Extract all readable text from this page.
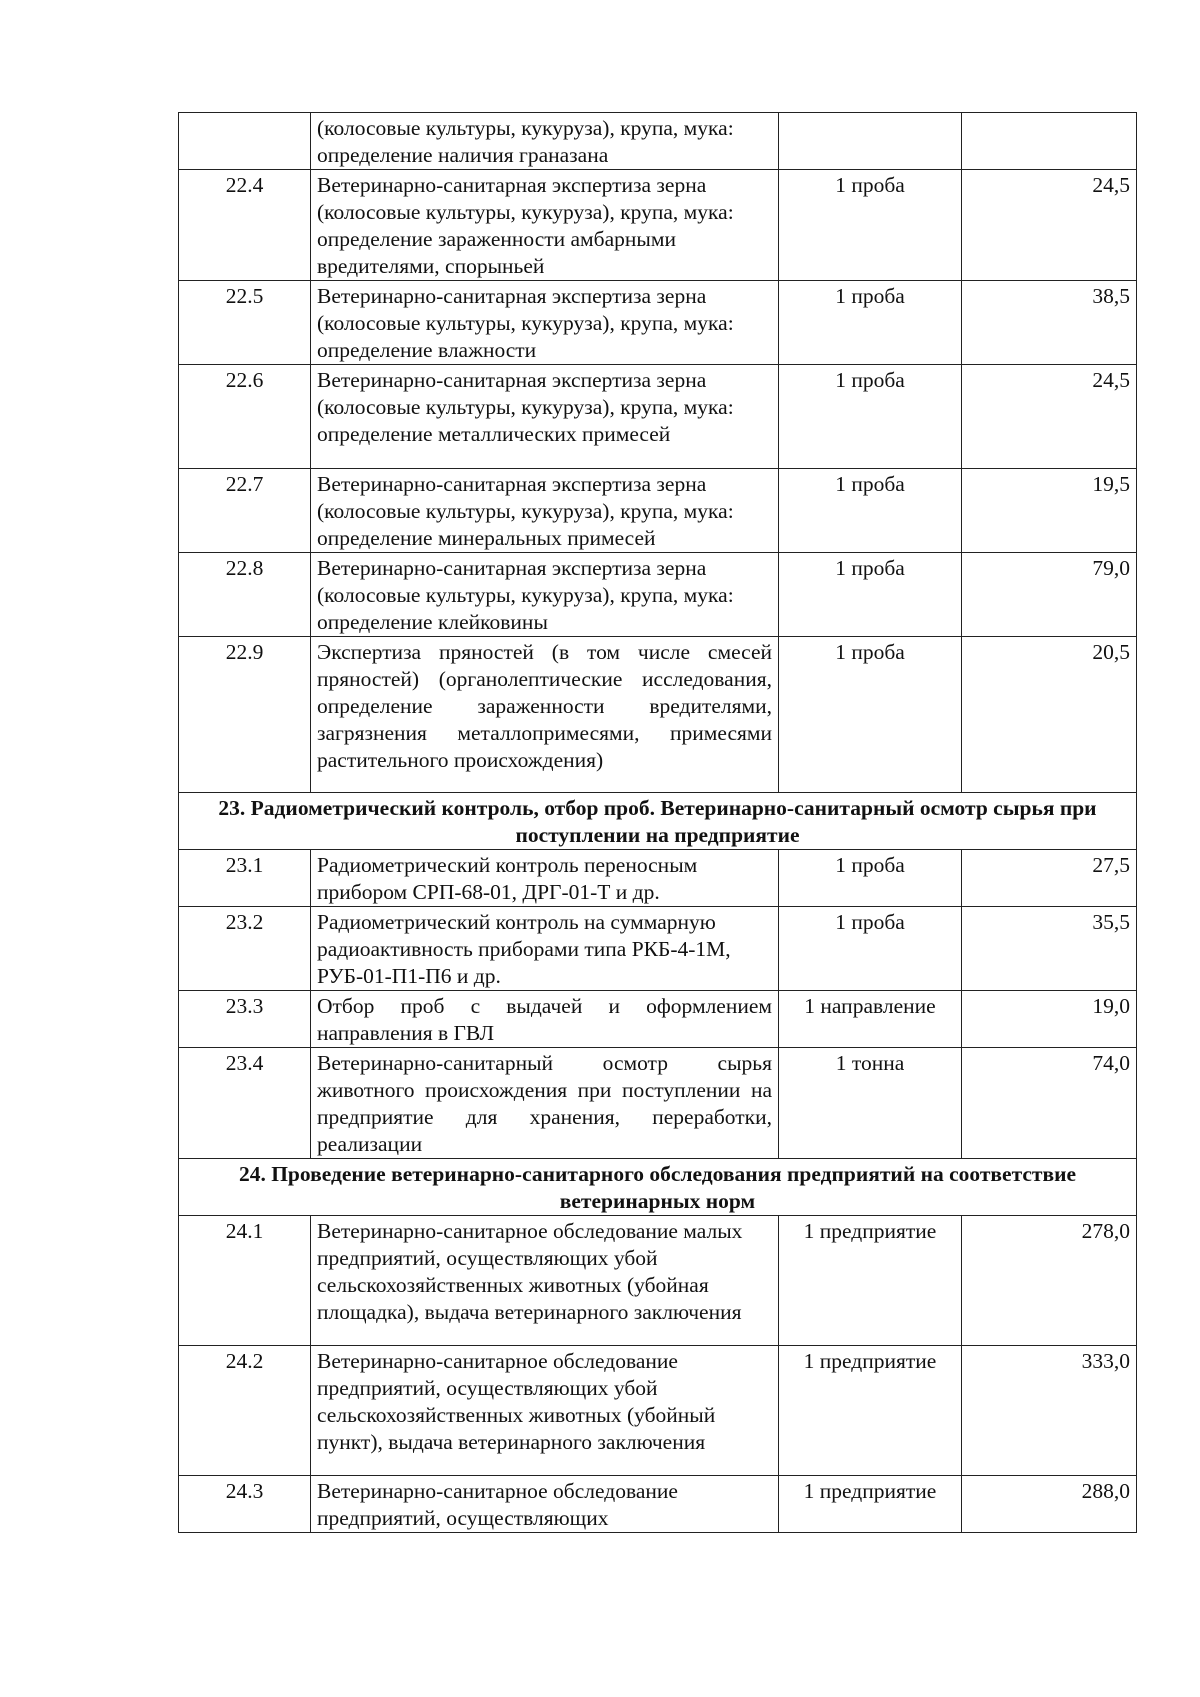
	(колосовые культуры, кукуруза), крупа, мука: определение наличия граназана		
22.4	Ветеринарно-санитарная экспертиза зерна (колосовые культуры, кукуруза), крупа, мука: определение зараженности амбарными вредителями, спорыньей	1 проба	24,5
22.5	Ветеринарно-санитарная экспертиза зерна (колосовые культуры, кукуруза), крупа, мука: определение влажности	1 проба	38,5
22.6	Ветеринарно-санитарная экспертиза зерна (колосовые культуры, кукуруза), крупа, мука: определение металлических примесей	1 проба	24,5
22.7	Ветеринарно-санитарная экспертиза зерна (колосовые культуры, кукуруза), крупа, мука: определение минеральных примесей	1 проба	19,5
22.8	Ветеринарно-санитарная экспертиза зерна (колосовые культуры, кукуруза), крупа, мука: определение клейковины	1 проба	79,0
22.9	Экспертиза пряностей (в том числе смесей пряностей) (органолептические исследования, определение зараженности вредителями, загрязнения металлопримесями, примесями растительного происхождения)	1 проба	20,5
23. Радиометрический контроль, отбор проб. Ветеринарно-санитарный осмотр сырья при поступлении на предприятие			
23.1	Радиометрический контроль переносным прибором СРП-68-01, ДРГ-01-Т и др.	1 проба	27,5
23.2	Радиометрический контроль на суммарную радиоактивность приборами типа РКБ-4-1М, РУБ-01-П1-П6 и др.	1 проба	35,5
23.3	Отбор проб с выдачей и оформлением направления в ГВЛ	1 направление	19,0
23.4	Ветеринарно-санитарный осмотр сырья животного происхождения при поступлении на предприятие для хранения, переработки, реализации	1 тонна	74,0
24. Проведение ветеринарно-санитарного обследования предприятий на соответствие ветеринарных норм			
24.1	Ветеринарно-санитарное обследование малых предприятий, осуществляющих убой сельскохозяйственных животных (убойная площадка), выдача ветеринарного заключения	1 предприятие	278,0
24.2	Ветеринарно-санитарное обследование предприятий, осуществляющих убой сельскохозяйственных животных (убойный пункт), выдача ветеринарного заключения	1 предприятие	333,0
24.3	Ветеринарно-санитарное обследование предприятий, осуществляющих	1 предприятие	288,0
